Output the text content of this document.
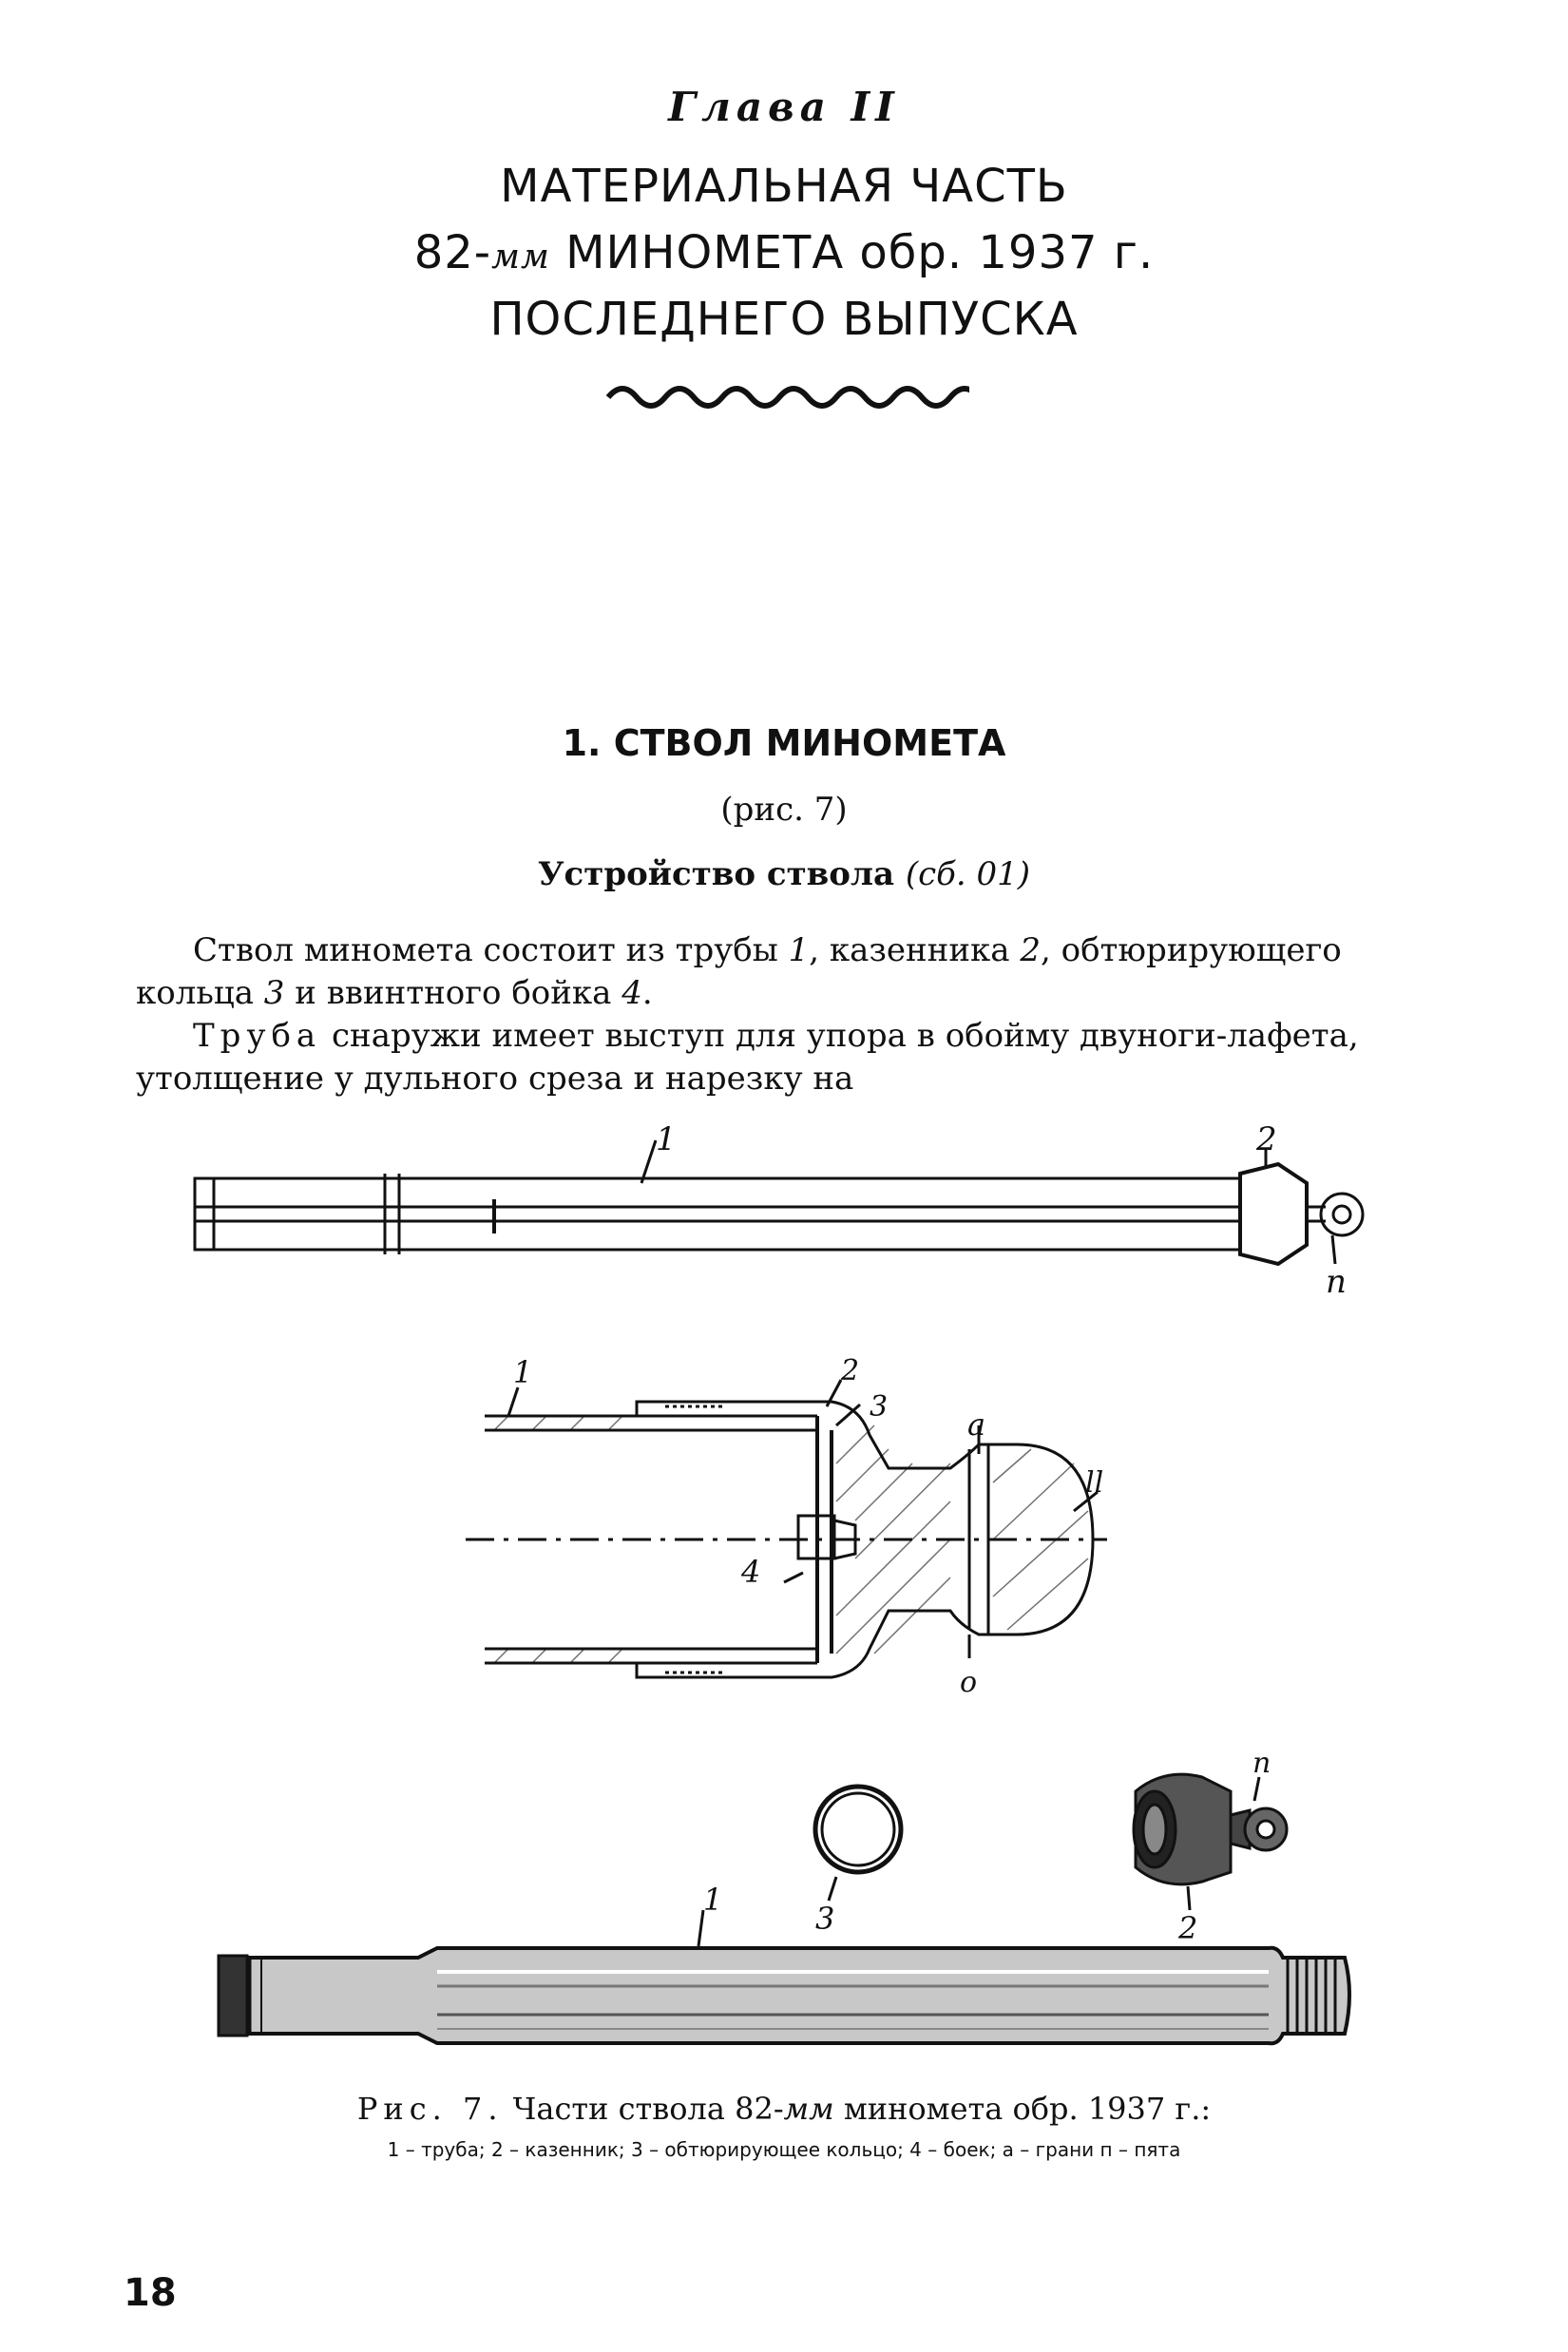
Глава II
МАТЕРИАЛЬНАЯ ЧАСТЬ
82-мм МИНОМЕТА обр. 1937 г.
ПОСЛЕДНЕГО ВЫПУСКА
1. СТВОЛ МИНОМЕТА
(рис. 7)
Устройство ствола (сб. 01)
Ствол миномета состоит из трубы 1, казенника 2, обтюрирующего кольца 3 и ввинтного бойка 4.
Труба снаружи имеет выступ для упора в обойму двуноги-лафета, утолщение у дульного среза и нарезку на
1	2
п
1	2
3	а
ll
4
о
3
п
2
1
Рис. 7. Части ствола 82-мм миномета обр. 1937 г.:
1 – труба; 2 – казенник; 3 – обтюрирующее кольцо; 4 – боек; а – грани п – пята
18
